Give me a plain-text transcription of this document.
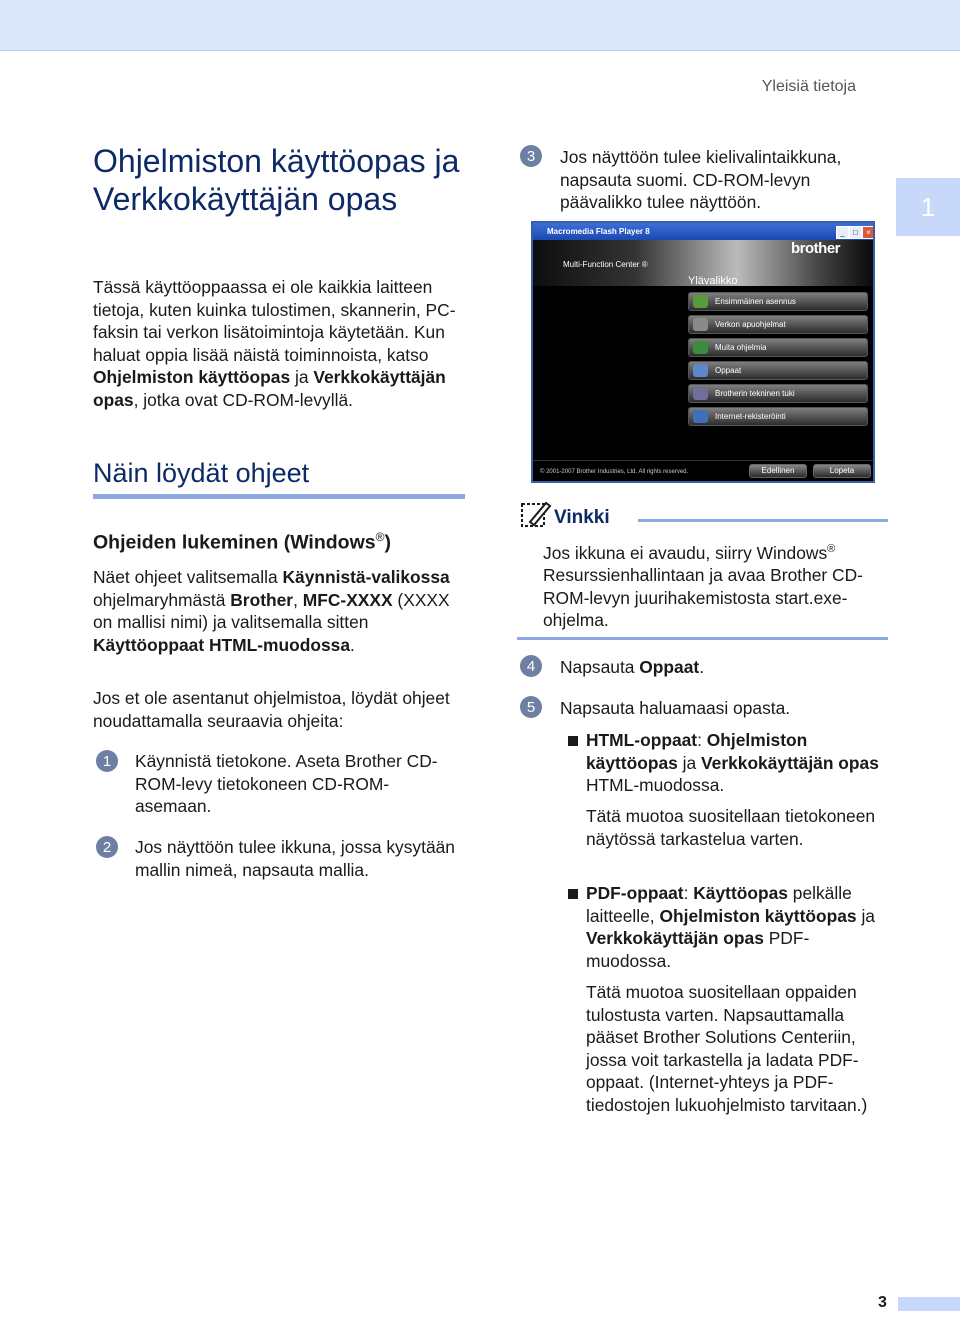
Yleisiä tietoja
1
Ohjelmiston käyttöopas ja Verkkokäyttäjän opas
Tässä käyttöoppaassa ei ole kaikkia laitteen tietoja, kuten kuinka tulostimen, skannerin, PC-faksin tai verkon lisätoimintoja käytetään. Kun haluat oppia lisää näistä toiminnoista, katso Ohjelmiston käyttöopas ja Verkkokäyttäjän opas, jotka ovat CD-ROM-levyllä.
Näin löydät ohjeet
Ohjeiden lukeminen (Windows®)
Näet ohjeet valitsemalla Käynnistä-valikossa ohjelmaryhmästä Brother, MFC-XXXX (XXXX on mallisi nimi) ja valitsemalla sitten Käyttöoppaat HTML-muodossa.
Jos et ole asentanut ohjelmistoa, löydät ohjeet noudattamalla seuraavia ohjeita:
1	Käynnistä tietokone. Aseta Brother CD-ROM-levy tietokoneen CD-ROM-asemaan.
2	Jos näyttöön tulee ikkuna, jossa kysytään mallin nimeä, napsauta mallia.
3	Jos näyttöön tulee kielivalintaikkuna, napsauta suomi. CD-ROM-levyn päävalikko tulee näyttöön.
Macromedia Flash Player 8	_	□	×
Multi-Function Center ®
brother
Ylävalikko
Ensimmäinen asennus
Verkon apuohjelmat
Muita ohjelmia
Oppaat
Brotherin tekninen tuki
Internet-rekisteröinti
© 2001-2007 Brother Industries, Ltd. All rights reserved.	Edellinen	Lopeta
Vinkki
Jos ikkuna ei avaudu, siirry Windows® Resurssienhallintaan ja avaa Brother CD-ROM-levyn juurihakemistosta start.exe-ohjelma.
4	Napsauta Oppaat.
5	Napsauta haluamaasi opasta.
HTML-oppaat: Ohjelmiston käyttöopas ja Verkkokäyttäjän opas HTML-muodossa.
Tätä muotoa suositellaan tietokoneen näytössä tarkastelua varten.
PDF-oppaat: Käyttöopas pelkälle laitteelle, Ohjelmiston käyttöopas ja Verkkokäyttäjän opas PDF-muodossa.
Tätä muotoa suositellaan oppaiden tulostusta varten. Napsauttamalla pääset Brother Solutions Centeriin, jossa voit tarkastella ja ladata PDF-oppaat. (Internet-yhteys ja PDF-tiedostojen lukuohjelmisto tarvitaan.)
3
